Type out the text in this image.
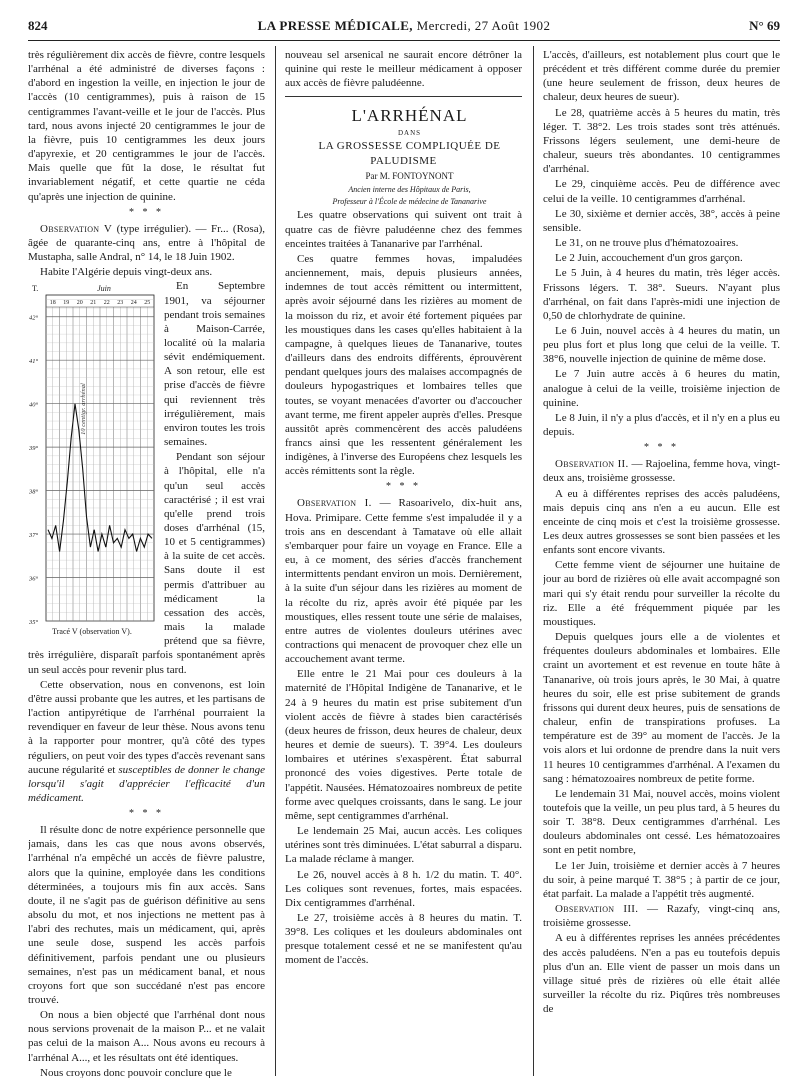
824	LA PRESSE MÉDICALE, Mercredi, 27 Août 1902	N° 69

très régulièrement dix accès de fièvre, contre lesquels l'arrhénal a été administré de diverses façons : d'abord en ingestion la veille, en injection le jour de l'accès (10 centigrammes), puis à raison de 15 centigrammes l'avant-veille et le jour de l'accès. Plus tard, nous avons injecté 20 centigrammes le jour de la fièvre, puis 10 centigrammes les deux jours d'apyrexie, et 20 centigrammes le jour de l'accès. Mais quelle que fût la dose, le résultat fut invariablement négatif, et cette quartie ne céda qu'après une injection de quinine.

* * *

Observation V (type irrégulier). — Fr... (Rosa), âgée de quarante-cinq ans, entre à l'hôpital de Mustapha, salle Andral, n° 14, le 18 Juin 1902.

Habite l'Algérie depuis vingt-deux ans.

T.	Juin
18 19 20 21 22 23 24 25
42°
41°
40°
39°
38°
37°
36°
35°
10 centigr. arrhénal
Tracé V (observation V).

En Septembre 1901, va séjourner pendant trois semaines à Maison-Carrée, localité où la malaria sévit endémiquement. A son retour, elle est prise d'accès de fièvre qui reviennent très irrégulièrement, mais environ toutes les trois semaines.

Pendant son séjour à l'hôpital, elle n'a qu'un seul accès caractérisé ; il est vrai qu'elle prend trois doses d'arrhénal (15, 10 et 5 centigrammes) à la suite de cet accès. Sans doute il est permis d'attribuer au médicament la cessation des accès, mais la malade prétend que sa fièvre, très irrégulière, disparaît parfois spontanément après un seul accès pour revenir plus tard.

Cette observation, nous en convenons, est loin d'être aussi probante que les autres, et les partisans de l'action antipyrétique de l'arrhénal pourraient la revendiquer en faveur de leur thèse. Nous avons tenu à la rapporter pour montrer, qu'à côté des types réguliers, on peut voir des types d'accès revenant sans aucune régularité et susceptibles de donner le change lorsqu'il s'agit d'apprécier l'efficacité d'un médicament.

* * *

Il résulte donc de notre expérience personnelle que jamais, dans les cas que nous avons observés, l'arrhénal n'a empêché un accès de fièvre palustre, alors que la quinine, employée dans les conditions déterminées, a toujours mis fin aux accès. Sans doute, il ne s'agit pas de guérison définitive au sens absolu du mot, et nos injections ne mettent pas à l'abri des rechutes, mais un médicament, qui, après une seule dose, suspend les accès parfois définitivement, parfois pendant une ou plusieurs semaines, n'est pas un médicament banal, et nous croyons fort que son succédané n'est pas encore trouvé.

On nous a bien objecté que l'arrhénal dont nous nous servions provenait de la maison P... et ne valait pas celui de la maison A... Nous avons eu recours à l'arrhénal A..., et les résultats ont été identiques.

Nous croyons donc pouvoir conclure que le

nouveau sel arsenical ne saurait encore détrôner la quinine qui reste le meilleur médicament à opposer aux accès de fièvre paludéenne.

L'ARRHÉNAL

DANS

LA GROSSESSE COMPLIQUÉE DE PALUDISME

Par M. FONTOYNONT

Ancien interne des Hôpitaux de Paris,

Professeur à l'École de médecine de Tananarive

Les quatre observations qui suivent ont trait à quatre cas de fièvre paludéenne chez des femmes enceintes traitées à Tananarive par l'arrhénal.

Ces quatre femmes hovas, impaludées anciennement, mais, depuis plusieurs années, indemnes de tout accès rémittent ou intermittent, après avoir séjourné dans les rizières au moment de la moisson du riz, et avoir été fortement piquées par les moustiques dans les cases qu'elles habitaient à la campagne, à quelques lieues de Tananarive, toutes d'ailleurs dans des endroits différents, éprouvèrent pendant quelques jours des malaises accompagnés de douleurs hypogastriques et lombaires telles que toutes, se voyant menacées d'avorter ou d'accoucher avant terme, me firent appeler auprès d'elles. Presque aussitôt après commencèrent des accès paludéens francs ainsi que les ressentent généralement les indigènes, à l'inverse des Européens chez lesquels les accès rémittents sont la règle.

* * *

Observation I. — Rasoarivelo, dix-huit ans, Hova. Primipare. Cette femme s'est impaludée il y a trois ans en descendant à Tamatave où elle allait s'embarquer pour faire un voyage en France. Elle a eu, à ce moment, des séries d'accès franchement intermittents pendant environ un mois. Dernièrement, à la suite d'un séjour dans les rizières au moment de la récolte du riz, après avoir été piquée par les moustiques, elles ressent toute une série de malaises, entre autres de violentes douleurs utérines avec contractions qui menacent de provoquer chez elle un accouchement avant terme.

Elle entre le 21 Mai pour ces douleurs à la maternité de l'Hôpital Indigène de Tananarive, et le 24 à 9 heures du matin est prise subitement d'un violent accès de fièvre à stades bien caractérisés (deux heures de frisson, deux heures de chaleur, deux heures et demie de sueurs). T. 39°4. Les douleurs lombaires et utérines s'exaspèrent. État saburral prononcé des voies digestives. Perte totale de l'appétit. Nausées. Hématozoaires nombreux de petite forme avec quelques croissants, dans le sang. Le jour même, sept centigrammes d'arrhénal.

Le lendemain 25 Mai, aucun accès. Les coliques utérines sont très diminuées. L'état saburral a disparu. La malade réclame à manger.

Le 26, nouvel accès à 8 h. 1/2 du matin. T. 40°. Les coliques sont revenues, fortes, mais espacées. Dix centigrammes d'arrhénal.

Le 27, troisième accès à 8 heures du matin. T. 39°8. Les coliques et les douleurs abdominales ont presque totalement cessé et ne se manifestent qu'au moment de l'accès.

L'accès, d'ailleurs, est notablement plus court que le précédent et très différent comme durée du premier (une heure seulement de frisson, deux heures de chaleur, deux heures de sueur).

Le 28, quatrième accès à 5 heures du matin, très léger. T. 38°2. Les trois stades sont très atténués. Frissons légers seulement, une demi-heure de chaleur, sueurs très abondantes. 10 centigrammes d'arrhénal.

Le 29, cinquième accès. Peu de différence avec celui de la veille. 10 centigrammes d'arrhénal.

Le 30, sixième et dernier accès, 38°, accès à peine sensible.

Le 31, on ne trouve plus d'hématozoaires.

Le 2 Juin, accouchement d'un gros garçon.

Le 5 Juin, à 4 heures du matin, très léger accès. Frissons légers. T. 38°. Sueurs. N'ayant plus d'arrhénal, on fait dans l'après-midi une injection de 0,50 de chlorhydrate de quinine.

Le 6 Juin, nouvel accès à 4 heures du matin, un peu plus fort et plus long que celui de la veille. T. 38°6, nouvelle injection de quinine de même dose.

Le 7 Juin autre accès à 6 heures du matin, analogue à celui de la veille, troisième injection de quinine.

Le 8 Juin, il n'y a plus d'accès, et il n'y en a plus eu depuis.

* * *

Observation II. — Rajoelina, femme hova, vingt-deux ans, troisième grossesse.

A eu à différentes reprises des accès paludéens, mais depuis cinq ans n'en a eu aucun. Elle est enceinte de cinq mois et c'est la troisième grossesse. Les deux autres grossesses se sont bien passées et les enfants sont encore vivants.

Cette femme vient de séjourner une huitaine de jour au bord de rizières où elle avait accompagné son mari qui s'y était rendu pour surveiller la récolte du riz. Elle a été fréquemment piquée par les moustiques.

Depuis quelques jours elle a de violentes et fréquentes douleurs abdominales et lombaires. Elle craint un avortement et est revenue en toute hâte à Tananarive, où trois jours après, le 30 Mai, à quatre heures du soir, elle est prise subitement de grands frissons qui durent deux heures, puis de sensations de chaleur, enfin de transpirations profuses. La température est de 39° au moment de l'accès. Je la vois alors et lui ordonne de prendre dans la nuit vers 11 heures 10 centigrammes d'arrhénal. A l'examen du sang : hématozoaires nombreux de petite forme.

Le lendemain 31 Mai, nouvel accès, moins violent toutefois que la veille, un peu plus tard, à 5 heures du soir T. 38°8. Deux centigrammes d'arrhénal. Les douleurs abdominales ont cessé. Les hématozoaires sont en petit nombre,

Le 1er Juin, troisième et dernier accès à 7 heures du soir, à peine marqué T. 38°5 ; à partir de ce jour, état parfait. La malade a l'appétit très augmenté.

Observation III. — Razafy, vingt-cinq ans, troisième grossesse.

A eu à différentes reprises les années précédentes des accès paludéens. N'en a pas eu toutefois depuis plus d'un an. Elle vient de passer un mois dans un village situé près de rizières où elle était allée surveiller la récolte du riz. Piqûres très nombreuses de
